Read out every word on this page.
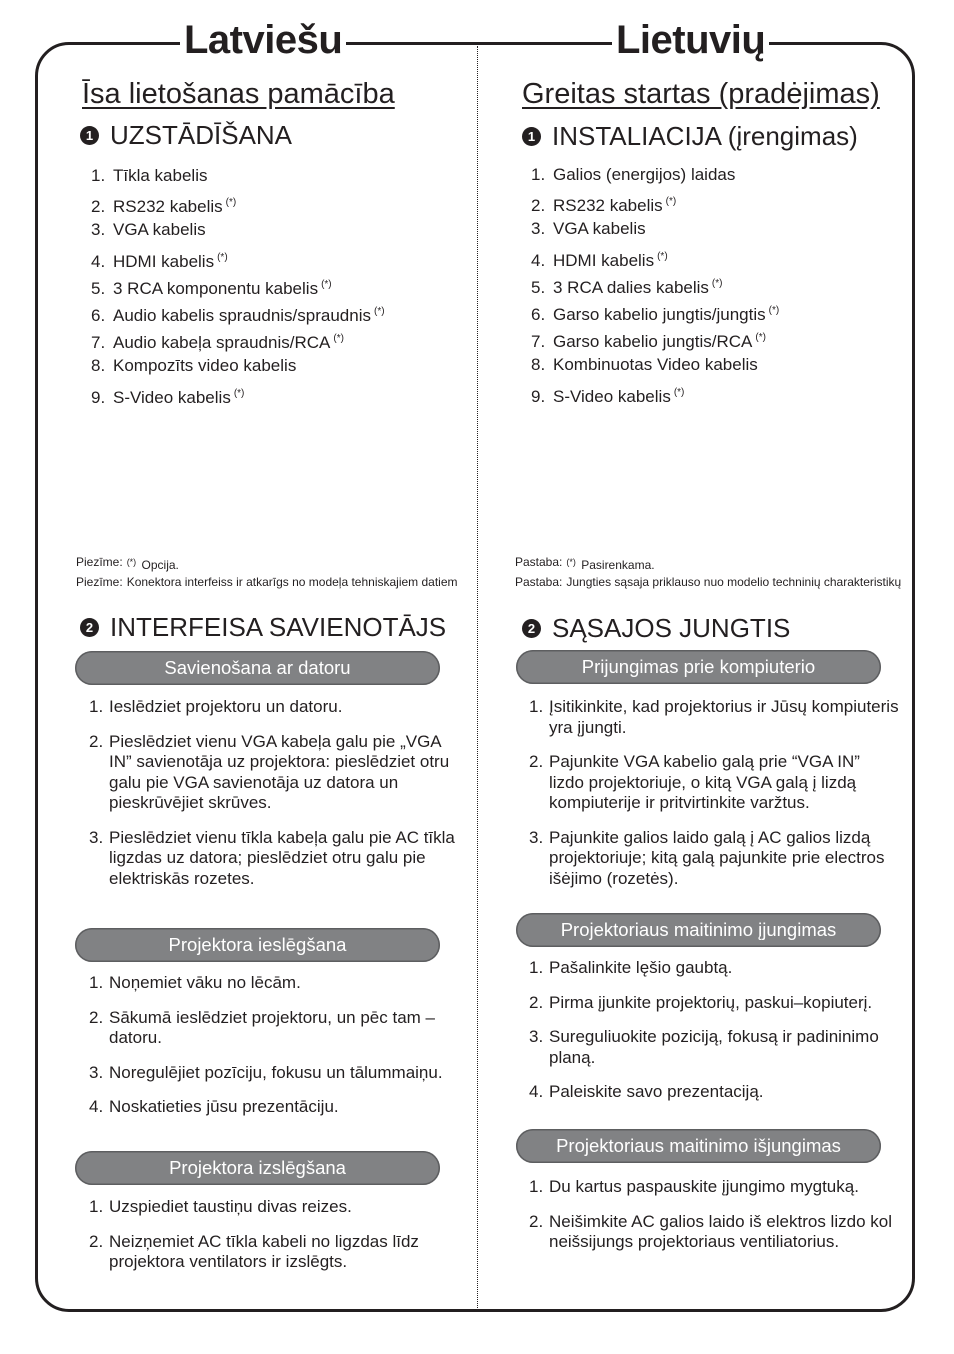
Latviešu
Īsa lietošanas pamācība
1 UZSTĀDĪŠANA
1. Tīkla kabelis
2. RS232 kabelis (*)
3. VGA kabelis
4. HDMI kabelis (*)
5. 3 RCA komponentu kabelis (*)
6. Audio kabelis spraudnis/spraudnis (*)
7. Audio kabeļa spraudnis/RCA (*)
8. Kompozīts video kabelis
9. S-Video kabelis (*)
Piezīme: (*) Opcija.
Piezīme: Konektora interfeiss ir atkarīgs no modeļa tehniskajiem datiem
2 INTERFEISA SAVIENOTĀJS
Savienošana ar datoru
1. Ieslēdziet projektoru un datoru.
2. Pieslēdziet vienu VGA kabeļa galu pie „VGA IN” savienotāja uz projektora: pieslēdziet otru galu pie VGA savienotāja uz datora un pieskrūvējiet skrūves.
3. Pieslēdziet vienu tīkla kabeļa galu pie AC tīkla ligzdas uz datora; pieslēdziet otru galu pie elektriskās rozetes.
Projektora ieslēgšana
1. Noņemiet vāku no lēcām.
2. Sākumā ieslēdziet projektoru, un pēc tam – datoru.
3. Noregulējiet pozīciju, fokusu un tālummaiņu.
4. Noskatieties jūsu prezentāciju.
Projektora izslēgšana
1. Uzspiediet taustiņu divas reizes.
2. Neizņemiet AC tīkla kabeli no ligzdas līdz projektora ventilators ir izslēgts.
Lietuvių
Greitas startas (pradėjimas)
1 INSTALIACIJA (įrengimas)
1. Galios (energijos) laidas
2. RS232 kabelis (*)
3. VGA kabelis
4. HDMI kabelis (*)
5. 3 RCA dalies kabelis (*)
6. Garso kabelio jungtis/jungtis (*)
7. Garso kabelio jungtis/RCA (*)
8. Kombinuotas Video kabelis
9. S-Video kabelis (*)
Pastaba: (*) Pasirenkama.
Pastaba: Jungties sąsaja priklauso nuo modelio techninių charakteristikų
2 SĄSAJOS JUNGTIS
Prijungimas prie kompiuterio
1. Įsitikinkite, kad projektorius ir Jūsų kompiuteris yra įjungti.
2. Pajunkite VGA kabelio galą prie “VGA IN” lizdo projektoriuje, o kitą VGA galą į lizdą kompiuterije ir pritvirtinkite varžtus.
3. Pajunkite galios laido galą į AC galios lizdą projektoriuje; kitą galą pajunkite prie electros išėjimo (rozetės).
Projektoriaus maitinimo įjungimas
1. Pašalinkite lęšio gaubtą.
2. Pirma įjunkite projektorių, paskui–kopiuterį.
3. Sureguliuokite poziciją, fokusą ir padininimo planą.
4. Paleiskite savo prezentaciją.
Projektoriaus maitinimo išjungimas
1. Du kartus paspauskite įjungimo mygtuką.
2. Neišimkite AC galios laido iš elektros lizdo kol neišsijungs projektoriaus ventiliatorius.
